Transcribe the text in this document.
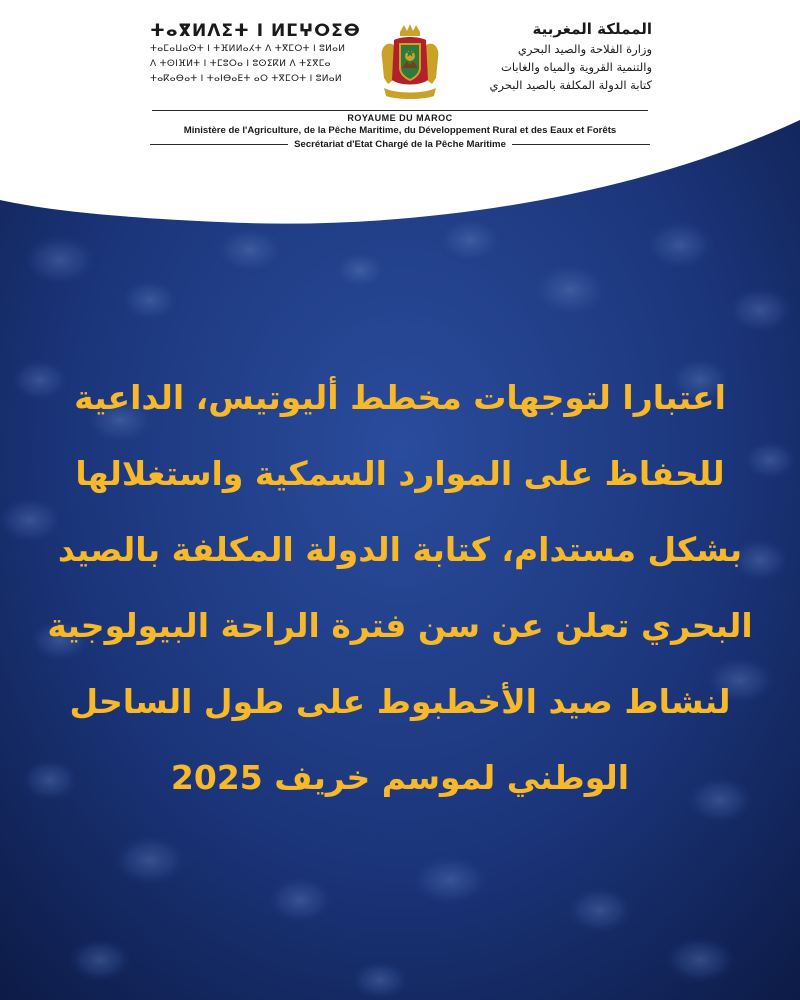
ⵜⴰⴳⵍⴷⵉⵜ ⵏ ⵍⵎⵖⵔⵉⴱ
ⵜⴰⵎⴰⵡⴰⵙⵜ ⵏ ⵜⴼⵍⵍⴰⵃⵜ ⴷ ⵜⴳⵎⵔⵜ ⵏ ⵓⵍⴰⵍ
ⴷ ⵜⵙⵏⴼⵍⵜ ⵏ ⵜⵎⵓⵔⴰ ⵏ ⵓⵙⵉⴽⵍ ⴷ ⵜⵉⴳⵎⴰ
ⵜⴰⴽⴰⴱⴰⵜ ⵏ ⵜⴰⵏⴱⴰⴹⵜ ⴰⵔ ⵜⴳⵎⵔⵜ ⵏ ⵓⵍⴰⵍ
المملكة المغربية
وزارة الفلاحة والصيد البحري
والتنمية القروية والمياه والغابات
كتابة الدولة المكلفة بالصيد البحري
ROYAUME DU MAROC
Ministère de l'Agriculture, de la Pêche Maritime, du Développement Rural et des Eaux et Forêts
Secrétariat d'Etat Chargé de la Pêche Maritime
اعتبارا لتوجهات مخطط أليوتيس، الداعية
للحفاظ على الموارد السمكية واستغلالها
بشكل مستدام، كتابة الدولة المكلفة بالصيد
البحري تعلن عن سن فترة الراحة البيولوجية
لنشاط صيد الأخطبوط على طول الساحل
الوطني لموسم خريف 2025
